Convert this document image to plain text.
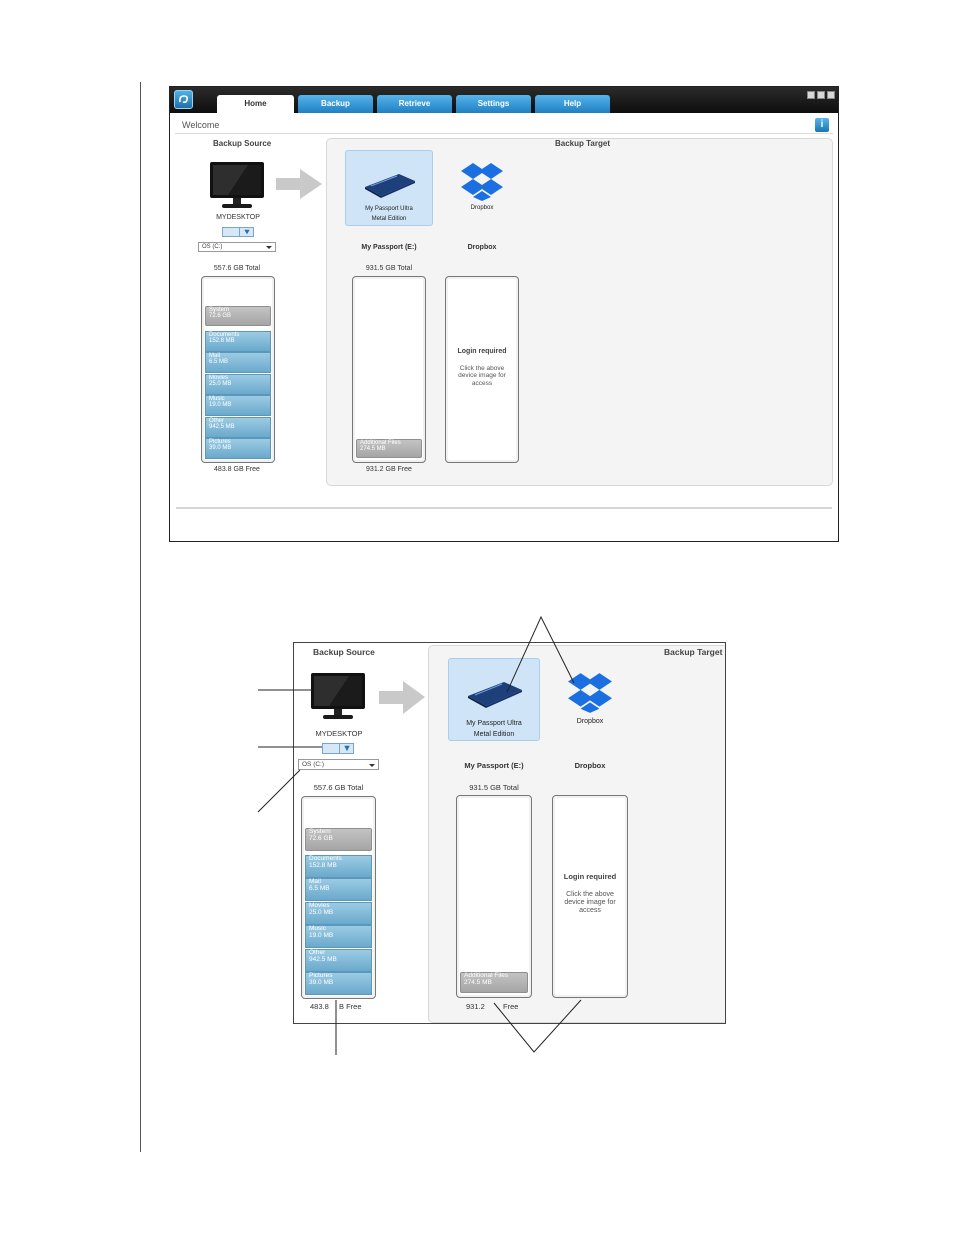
Home	Backup	Retrieve	Settings	Help
Welcome	i
Backup Source
MYDESKTOP
OS (C:)
557.6 GB Total
System
72.6 GB
Documents
152.8 MB
Mail
6.5 MB
Movies
25.0 MB
Music
19.0 MB
Other
942.5 MB
Pictures
39.0 MB
483.8 GB Free
Backup Target
My Passport Ultra
Metal Edition
Dropbox
My Passport (E:)	Dropbox
931.5 GB Total
Additional Files
274.5 MB
931.2 GB Free
Login required
Click the above device image for access
Backup Source	Backup Target
MYDESKTOP
OS (C:)
557.6 GB Total
System
72.6 GB
Documents
152.8 MB
Mail
6.5 MB
Movies
25.0 MB
Music
19.0 MB
Other
942.5 MB
Pictures
39.0 MB
483.8 B Free
My Passport Ultra
Metal Edition
Dropbox
My Passport (E:)	Dropbox
931.5 GB Total
Additional Files
274.5 MB
931.2 Free
Login required
Click the above device image for access
